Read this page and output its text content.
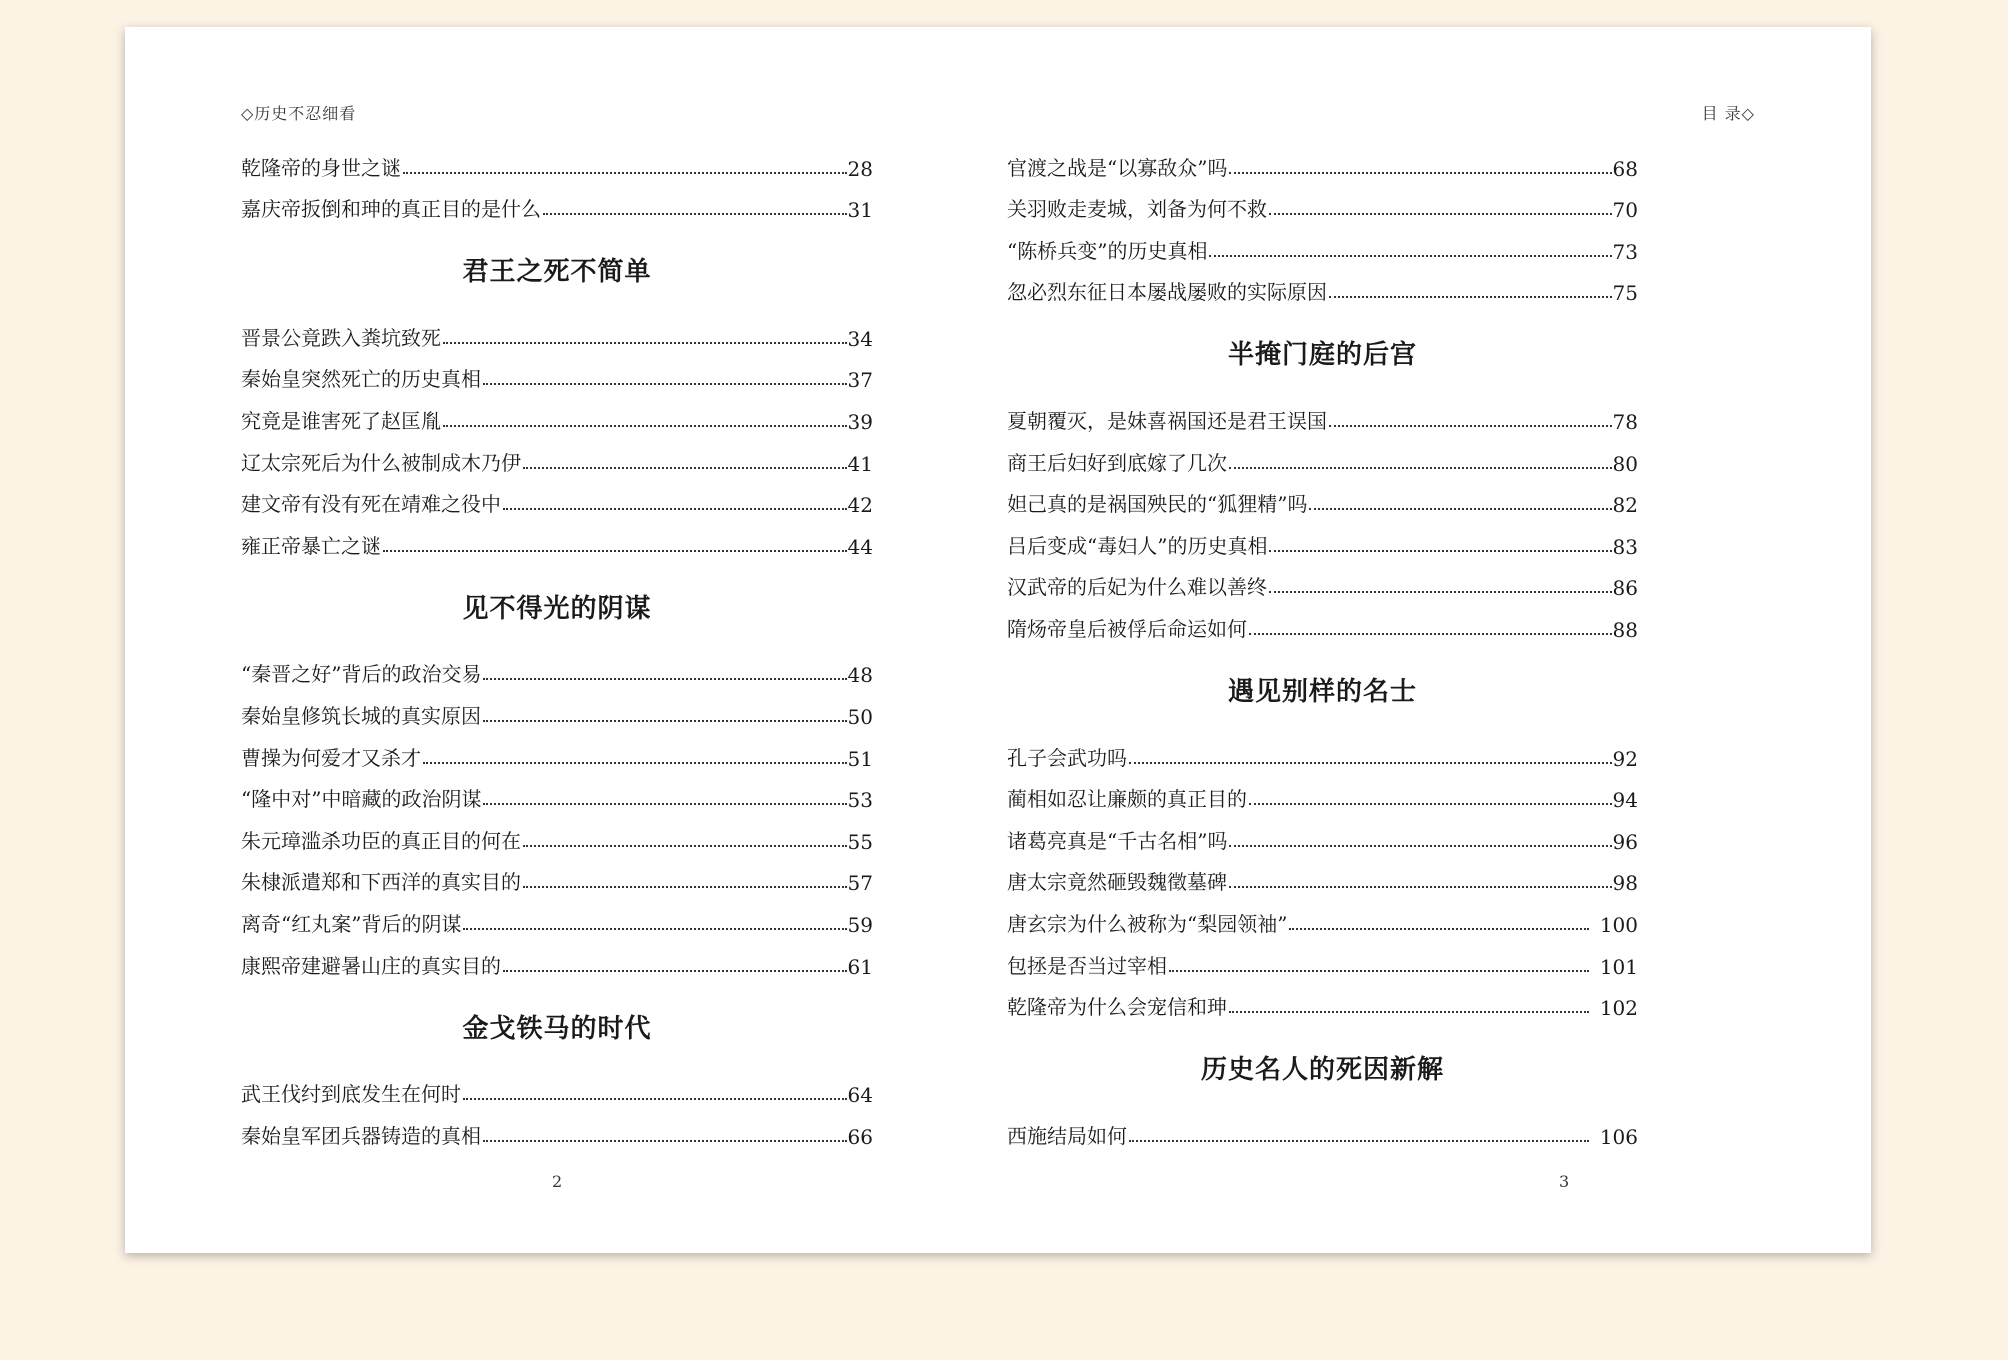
◇历史不忍细看
乾隆帝的身世之谜	28
嘉庆帝扳倒和珅的真正目的是什么	31
君王之死不简单
晋景公竟跌入粪坑致死	34
秦始皇突然死亡的历史真相	37
究竟是谁害死了赵匡胤	39
辽太宗死后为什么被制成木乃伊	41
建文帝有没有死在靖难之役中	42
雍正帝暴亡之谜	44
见不得光的阴谋
“秦晋之好”背后的政治交易	48
秦始皇修筑长城的真实原因	50
曹操为何爱才又杀才	51
“隆中对”中暗藏的政治阴谋	53
朱元璋滥杀功臣的真正目的何在	55
朱棣派遣郑和下西洋的真实目的	57
离奇“红丸案”背后的阴谋	59
康熙帝建避暑山庄的真实目的	61
金戈铁马的时代
武王伐纣到底发生在何时	64
秦始皇军团兵器铸造的真相	66
2
目 录◇
官渡之战是“以寡敌众”吗	68
关羽败走麦城，刘备为何不救	70
“陈桥兵变”的历史真相	73
忽必烈东征日本屡战屡败的实际原因	75
半掩门庭的后宫
夏朝覆灭，是妹喜祸国还是君王误国	78
商王后妇好到底嫁了几次	80
妲己真的是祸国殃民的“狐狸精”吗	82
吕后变成“毒妇人”的历史真相	83
汉武帝的后妃为什么难以善终	86
隋炀帝皇后被俘后命运如何	88
遇见别样的名士
孔子会武功吗	92
蔺相如忍让廉颇的真正目的	94
诸葛亮真是“千古名相”吗	96
唐太宗竟然砸毁魏徵墓碑	98
唐玄宗为什么被称为“梨园领袖”	100
包拯是否当过宰相	101
乾隆帝为什么会宠信和珅	102
历史名人的死因新解
西施结局如何	106
3
